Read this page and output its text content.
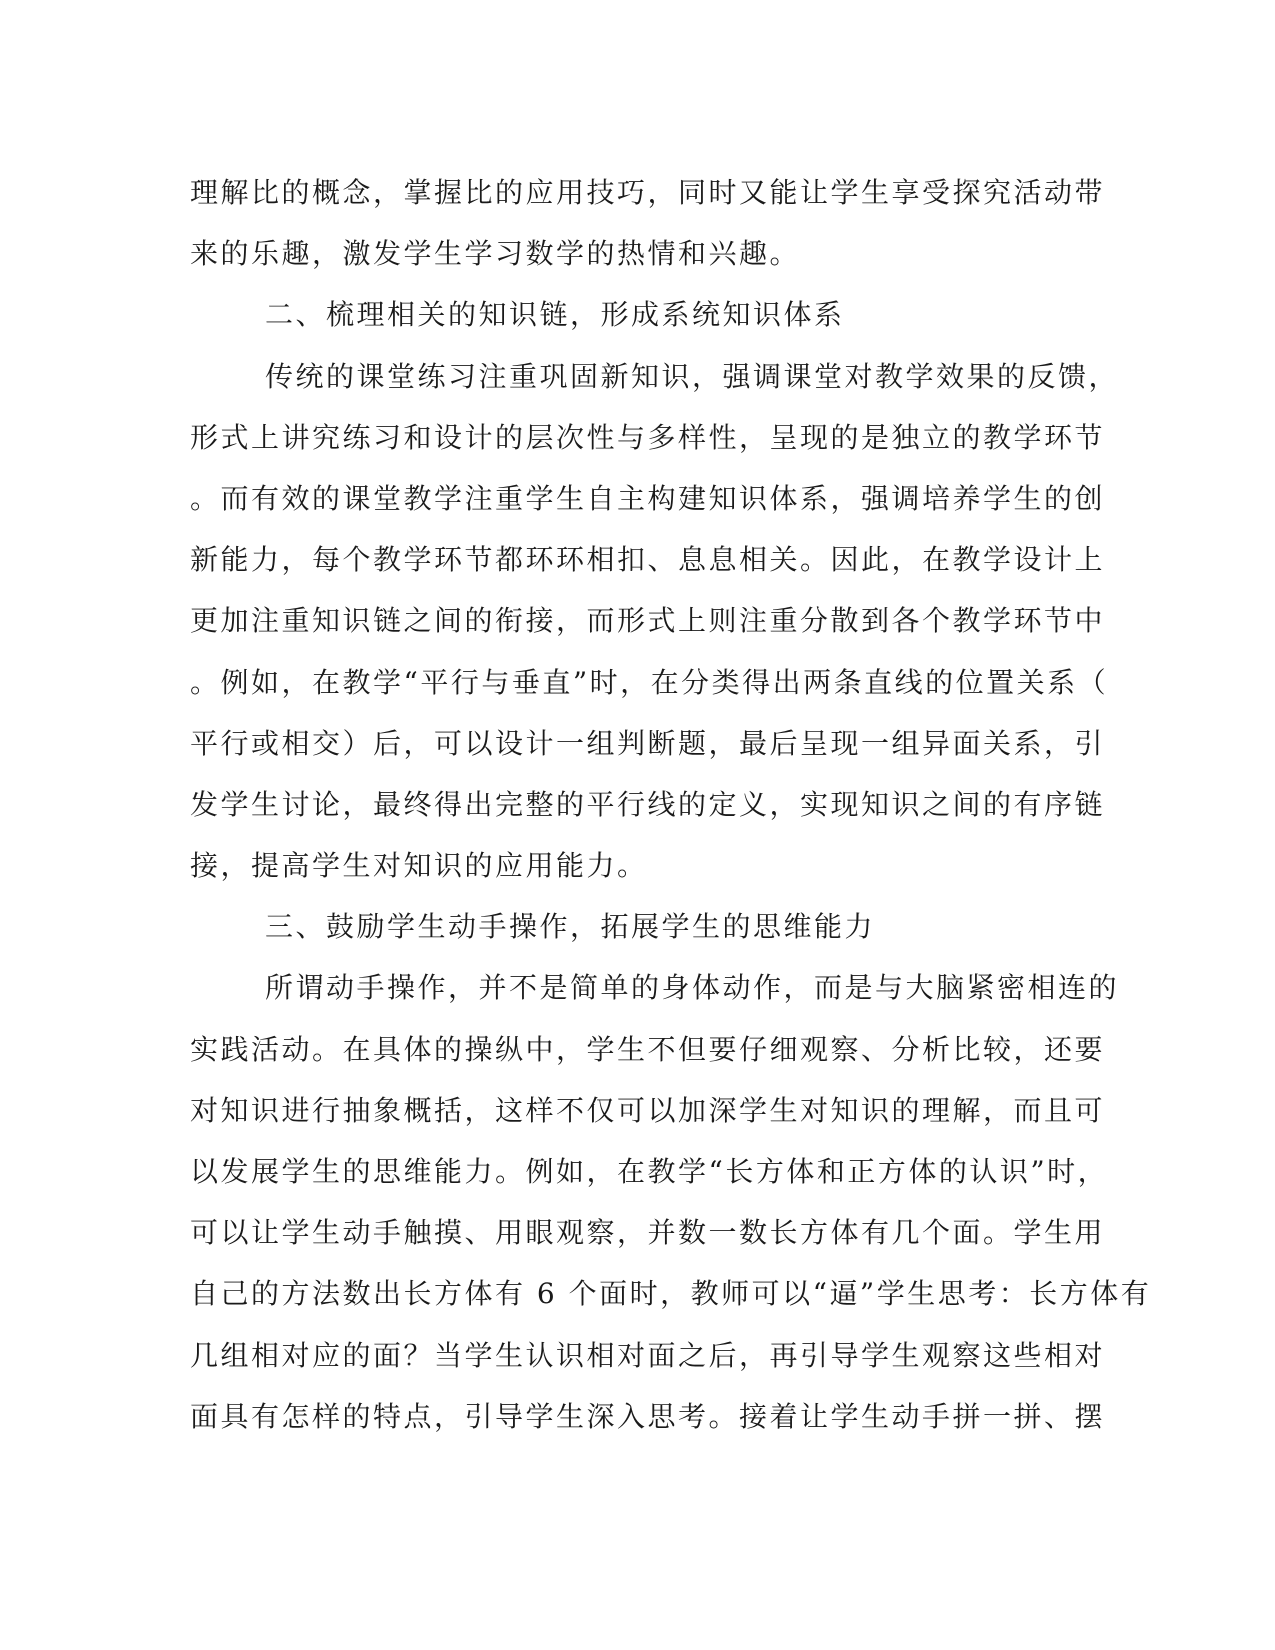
理解比的概念，掌握比的应用技巧，同时又能让学生享受探究活动带
来的乐趣，激发学生学习数学的热情和兴趣。
二、梳理相关的知识链，形成系统知识体系
传统的课堂练习注重巩固新知识，强调课堂对教学效果的反馈，
形式上讲究练习和设计的层次性与多样性，呈现的是独立的教学环节
。而有效的课堂教学注重学生自主构建知识体系，强调培养学生的创
新能力，每个教学环节都环环相扣、息息相关。因此，在教学设计上
更加注重知识链之间的衔接，而形式上则注重分散到各个教学环节中
。例如，在教学“平行与垂直”时，在分类得出两条直线的位置关系（
平行或相交）后，可以设计一组判断题，最后呈现一组异面关系，引
发学生讨论，最终得出完整的平行线的定义，实现知识之间的有序链
接，提高学生对知识的应用能力。
三、鼓励学生动手操作，拓展学生的思维能力
所谓动手操作，并不是简单的身体动作，而是与大脑紧密相连的
实践活动。在具体的操纵中，学生不但要仔细观察、分析比较，还要
对知识进行抽象概括，这样不仅可以加深学生对知识的理解，而且可
以发展学生的思维能力。例如，在教学“长方体和正方体的认识”时，
可以让学生动手触摸、用眼观察，并数一数长方体有几个面。学生用
自己的方法数出长方体有 6 个面时，教师可以“逼”学生思考：长方体有
几组相对应的面？当学生认识相对面之后，再引导学生观察这些相对
面具有怎样的特点，引导学生深入思考。接着让学生动手拼一拼、摆
